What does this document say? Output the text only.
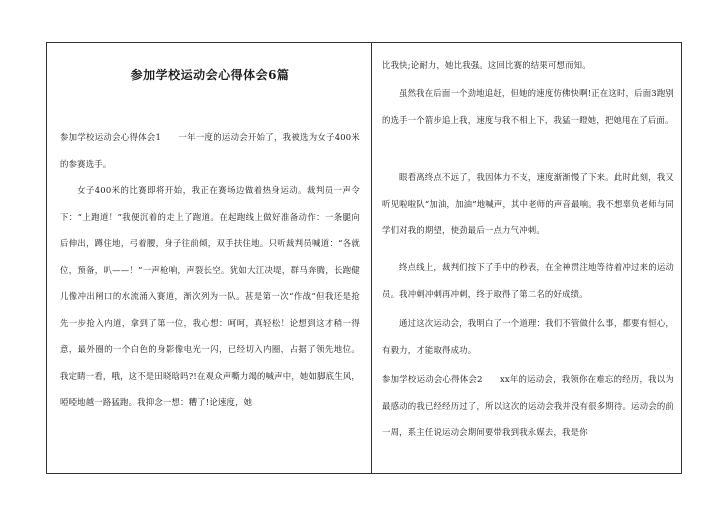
参加学校运动会心得体会6篇

参加学校运动会心得体会1　　一年一度的运动会开始了，我被选为女子400米的参赛选手。

女子400米的比赛即将开始，我正在赛场边做着热身运动。裁判员一声令下：“上跑道！”我便沉着的走上了跑道。在起跑线上做好准备动作：一条腿向后伸出，蹲住地，弓着腰，身子往前倾，双手扶住地。只听裁判员喊道：“各就位，预备，叭——！”一声枪响，声裂长空。犹如大江决堤，群马奔腾，长跑健儿像冲出闸口的水流涌入赛道，渐次列为一队。甚是第一次“作战”但我还是抢先一步抢入内道，拿到了第一位，我心想：呵呵，真轻松！论想到这才稍一得意，最外圈的一个白色的身影像电光一闪，已经切入内圈，占据了领先地位。我定睛一看，哦，这不是田晓晗吗?!在观众声嘶力竭的喊声中，她如脚底生风，啞啞地越一路猛跑。我抑念一想：糟了!论速度，她

比我快;论耐力，她比我强。这回比赛的结果可想而知。

虽然我在后面一个劲地追赶，但她的速度仿佛快啊!正在这时，后面3跑别的选手一个箭步追上我，速度与我不相上下，我猛一瞪她，把她甩在了后面。

眼看离终点不远了，我因体力不支，速度渐渐慢了下来。此时此刻，我又听见啦啦队“加油，加油”地喊声，其中老师的声音最响。我不想辜负老师与同学们对我的期望，使劲最后一点力气冲刺。

终点线上，裁判们按下了手中的秒表，在全神贯注地等待着冲过来的运动员。我冲刺冲刺再冲刺，终于取得了第二名的好成绩。

通过这次运动会，我明白了一个道理：我们不管做什么事，都要有恒心，有毅力，才能取得成功。

参加学校运动会心得体会2　　xx年的运动会，我领你在难忘的经历，我以为最感动的我已经经历过了，所以这次的运动会我并没有很多期待。运动会的前一周，系主任说运动会期间要带我到我永媒去，我是你
